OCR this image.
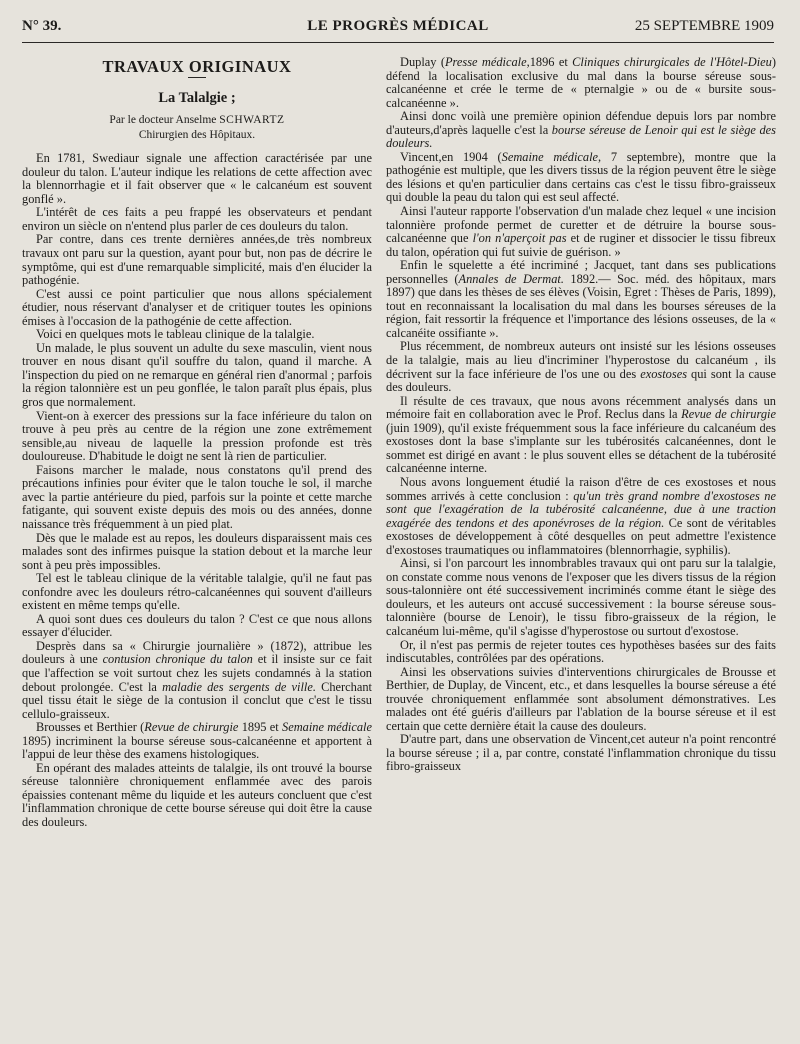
N° 39.	LE PROGRÈS MÉDICAL	25 SEPTEMBRE 1909
TRAVAUX ORIGINAUX
La Talalgie ;
Par le docteur Anselme SCHWARTZ
Chirurgien des Hôpitaux.

En 1781, Swediaur signale une affection caractérisée par une douleur du talon. L'auteur indique les relations de cette affection avec la blennorrhagie et il fait observer que « le calcanéum est souvent gonflé ».

L'intérêt de ces faits a peu frappé les observateurs et pendant environ un siècle on n'entend plus parler de ces douleurs du talon.

Par contre, dans ces trente dernières années,de très nombreux travaux ont paru sur la question, ayant pour but, non pas de décrire le symptôme, qui est d'une remarquable simplicité, mais d'en élucider la pathogénie.

C'est aussi ce point particulier que nous allons spécialement étudier, nous réservant d'analyser et de critiquer toutes les opinions émises à l'occasion de la pathogénie de cette affection.

Voici en quelques mots le tableau clinique de la talalgie.

Un malade, le plus souvent un adulte du sexe masculin, vient nous trouver en nous disant qu'il souffre du talon, quand il marche. A l'inspection du pied on ne remarque en général rien d'anormal ; parfois la région talonnière est un peu gonflée, le talon paraît plus épais, plus gros que normalement.

Vient-on à exercer des pressions sur la face inférieure du talon on trouve à peu près au centre de la région une zone extrêmement sensible,au niveau de laquelle la pression profonde est très douloureuse. D'habitude le doigt ne sent là rien de particulier.

Faisons marcher le malade, nous constatons qu'il prend des précautions infinies pour éviter que le talon touche le sol, il marche avec la partie antérieure du pied, parfois sur la pointe et cette marche fatigante, qui souvent existe depuis des mois ou des années, donne naissance très fréquemment à un pied plat.

Dès que le malade est au repos, les douleurs disparaissent mais ces malades sont des infirmes puisque la station debout et la marche leur sont à peu près impossibles.

Tel est le tableau clinique de la véritable talalgie, qu'il ne faut pas confondre avec les douleurs rétro-calcanéennes qui souvent d'ailleurs existent en même temps qu'elle.

A quoi sont dues ces douleurs du talon ? C'est ce que nous allons essayer d'élucider.

Desprès dans sa « Chirurgie journalière » (1872), attribue les douleurs à une contusion chronique du talon et il insiste sur ce fait que l'affection se voit surtout chez les sujets condamnés à la station debout prolongée. C'est la maladie des sergents de ville. Cherchant quel tissu était le siège de la contusion il conclut que c'est le tissu cellulo-graisseux.

Brousses et Berthier (Revue de chirurgie 1895 et Semaine médicale 1895) incriminent la bourse séreuse sous-calcanéenne et apportent à l'appui de leur thèse des examens histologiques.

En opérant des malades atteints de talalgie, ils ont trouvé la bourse séreuse talonnière chroniquement enflammée avec des parois épaissies contenant même du liquide et les auteurs concluent que c'est l'inflammation chronique de cette bourse séreuse qui doit être la cause des douleurs.

Duplay (Presse médicale,1896 et Cliniques chirurgicales de l'Hôtel-Dieu) défend la localisation exclusive du mal dans la bourse séreuse sous-calcanéenne et crée le terme de « pternalgie » ou de « bursite sous-calcanéenne ».

Ainsi donc voilà une première opinion défendue depuis lors par nombre d'auteurs,d'après laquelle c'est la bourse séreuse de Lenoir qui est le siège des douleurs.

Vincent,en 1904 (Semaine médicale, 7 septembre), montre que la pathogénie est multiple, que les divers tissus de la région peuvent être le siège des lésions et qu'en particulier dans certains cas c'est le tissu fibro-graisseux qui double la peau du talon qui est seul affecté.

Ainsi l'auteur rapporte l'observation d'un malade chez lequel « une incision talonnière profonde permet de curetter et de détruire la bourse sous-calcanéenne que l'on n'aperçoit pas et de ruginer et dissocier le tissu fibreux du talon, opération qui fut suivie de guérison. »

Enfin le squelette a été incriminé ; Jacquet, tant dans ses publications personnelles (Annales de Dermat. 1892.— Soc. méd. des hôpitaux, mars 1897) que dans les thèses de ses élèves (Voisin, Egret : Thèses de Paris, 1899), tout en reconnaissant la localisation du mal dans les bourses séreuses de la région, fait ressortir la fréquence et l'importance des lésions osseuses, de la « calcanéite ossifiante ».

Plus récemment, de nombreux auteurs ont insisté sur les lésions osseuses de la talalgie, mais au lieu d'incriminer l'hyperostose du calcanéum , ils décrivent sur la face inférieure de l'os une ou des exostoses qui sont la cause des douleurs.

Il résulte de ces travaux, que nous avons récemment analysés dans un mémoire fait en collaboration avec le Prof. Reclus dans la Revue de chirurgie (juin 1909), qu'il existe fréquemment sous la face inférieure du calcanéum des exostoses dont la base s'implante sur les tubérosités calcanéennes, dont le sommet est dirigé en avant : le plus souvent elles se détachent de la tubérosité calcanéenne interne.

Nous avons longuement étudié la raison d'être de ces exostoses et nous sommes arrivés à cette conclusion : qu'un très grand nombre d'exostoses ne sont que l'exagération de la tubérosité calcanéenne, due à une traction exagérée des tendons et des aponévroses de la région. Ce sont de véritables exostoses de développement à côté desquelles on peut admettre l'existence d'exostoses traumatiques ou inflammatoires (blennorrhagie, syphilis).

Ainsi, si l'on parcourt les innombrables travaux qui ont paru sur la talalgie, on constate comme nous venons de l'exposer que les divers tissus de la région sous-talonnière ont été successivement incriminés comme étant le siège des douleurs, et les auteurs ont accusé successivement : la bourse séreuse sous-talonnière (bourse de Lenoir), le tissu fibro-graisseux de la région, le calcanéum lui-même, qu'il s'agisse d'hyperostose ou surtout d'exostose.

Or, il n'est pas permis de rejeter toutes ces hypothèses basées sur des faits indiscutables, contrôlées par des opérations.

Ainsi les observations suivies d'interventions chirurgicales de Brousse et Berthier, de Duplay, de Vincent, etc., et dans lesquelles la bourse séreuse a été trouvée chroniquement enflammée sont absolument démonstratives. Les malades ont été guéris d'ailleurs par l'ablation de la bourse séreuse et il est certain que cette dernière était la cause des douleurs.

D'autre part, dans une observation de Vincent,cet auteur n'a point rencontré la bourse séreuse ; il a, par contre, constaté l'inflammation chronique du tissu fibro-graisseux
